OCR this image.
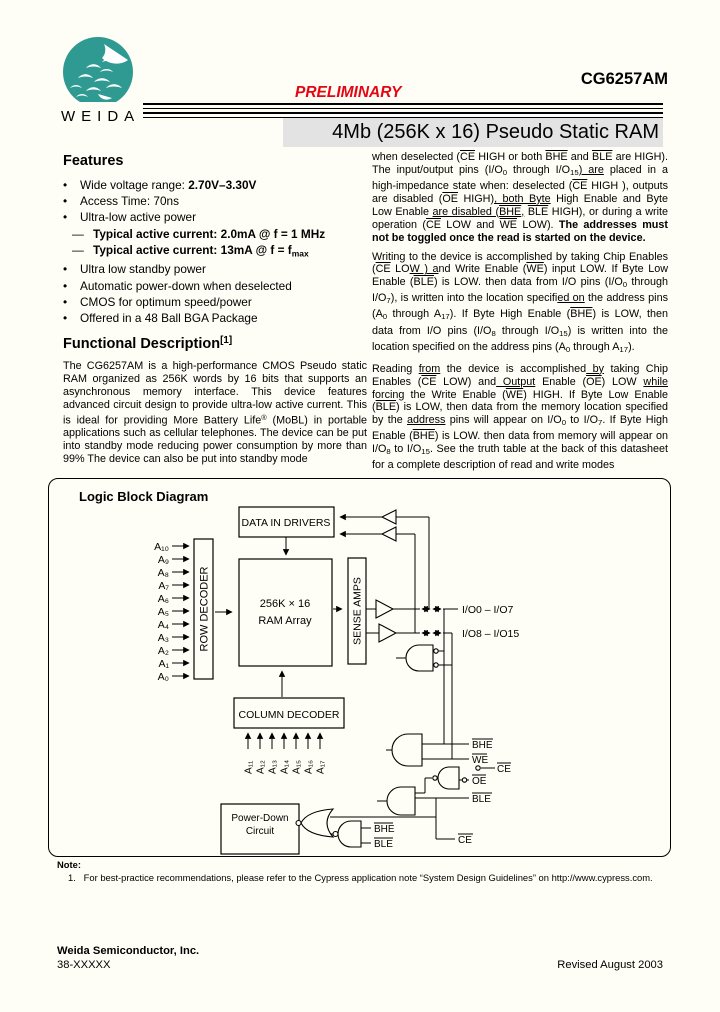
WEIDA
PRELIMINARY
CG6257AM
4Mb (256K x 16) Pseudo Static RAM
Features
•	Wide voltage range: 2.70V–3.30V
•	Access Time: 70ns
•	Ultra-low active power
— Typical active current: 2.0mA @ f = 1 MHz
— Typical active current: 13mA @ $f = f_{max}$
•	Ultra low standby power
•	Automatic power-down when deselected
•	CMOS for optimum speed/power
•	Offered in a 48 Ball BGA Package
Functional Description[1]
The CG6257AM is a high-performance CMOS Pseudo static RAM organized as 256K words by 16 bits that supports an asynchronous memory interface. This device features advanced circuit design to provide ultra-low active current. This is ideal for providing More Battery Life® (MoBL) in portable applications such as cellular telephones. The device can be put into standby mode reducing power consumption by more than 99% The device can also be put into standby mode

when deselected ($\overline{CE}$ HIGH or both $\overline{BHE}$ and $\overline{BLE}$ are HIGH). The input/output pins ($I/O_0$ through $I/O_{15}$) are placed in a high-impedance state when: deselected ($\overline{CE}$ HIGH ), outputs are disabled ($\overline{OE}$ HIGH), both Byte High Enable and Byte Low Enable are disabled (BHE, $\overline{BLE}$ HIGH), or during a write operation ($\overline{CE}$ LOW and $\overline{WE}$ LOW). The addresses must not be toggled once the read is started on the device.

Writing to the device is accomplished by taking Chip Enables ($\overline{CE}$ LOW ) and Write Enable $(\overline{WE})$ input LOW. If Byte Low Enable $(\overline{BLE})$ is LOW. then data from I/O pins ($I/O_0$ through $I/O_7$), is written into the location specified on the address pins ($A_0$ through $A_{17}$). If Byte High Enable $(\overline{BHE})$ is LOW, then data from I/O pins ($I/O_8$ through $I/O_{15}$) is written into the location specified on the address pins ($A_0$ through $A_{17}$).

Reading from the device is accomplished by taking Chip Enables ($\overline{CE}$ LOW) and Output Enable $(\overline{OE})$ LOW while forcing the Write Enable $(\overline{WE})$ HIGH. If Byte Low Enable $(\overline{BLE})$ is LOW, then data from the memory location specified by the address pins will appear on $I/O_0$ to $I/O_7$. If Byte High Enable $(\overline{BHE})$ is LOW. then data from memory will appear on $I/O_8$ to $I/O_{15}$. See the truth table at the back of this datasheet for a complete description of read and write modes

Logic Block Diagram
DATA IN DRIVERS
256K × 16
RAM Array
ROW DECODER	SENSE AMPS
COLUMN DECODER
Power-Down
Circuit
A₁₀
A₉
A₈
A₇
A₆
A₅
A₄
A₃
A₂
A₁
A₀
A₁₁ A₁₂ A₁₃ A₁₄ A₁₅ A₁₆ A₁₇
I/O0 – I/O7
I/O8 – I/O15
BHE
WE
CE
OE
BLE
BHE
BLE	CE
Note:
1. For best-practice recommendations, please refer to the Cypress application note “System Design Guidelines” on http://www.cypress.com.
Weida Semiconductor, Inc.
38-XXXXX	Revised August 2003
